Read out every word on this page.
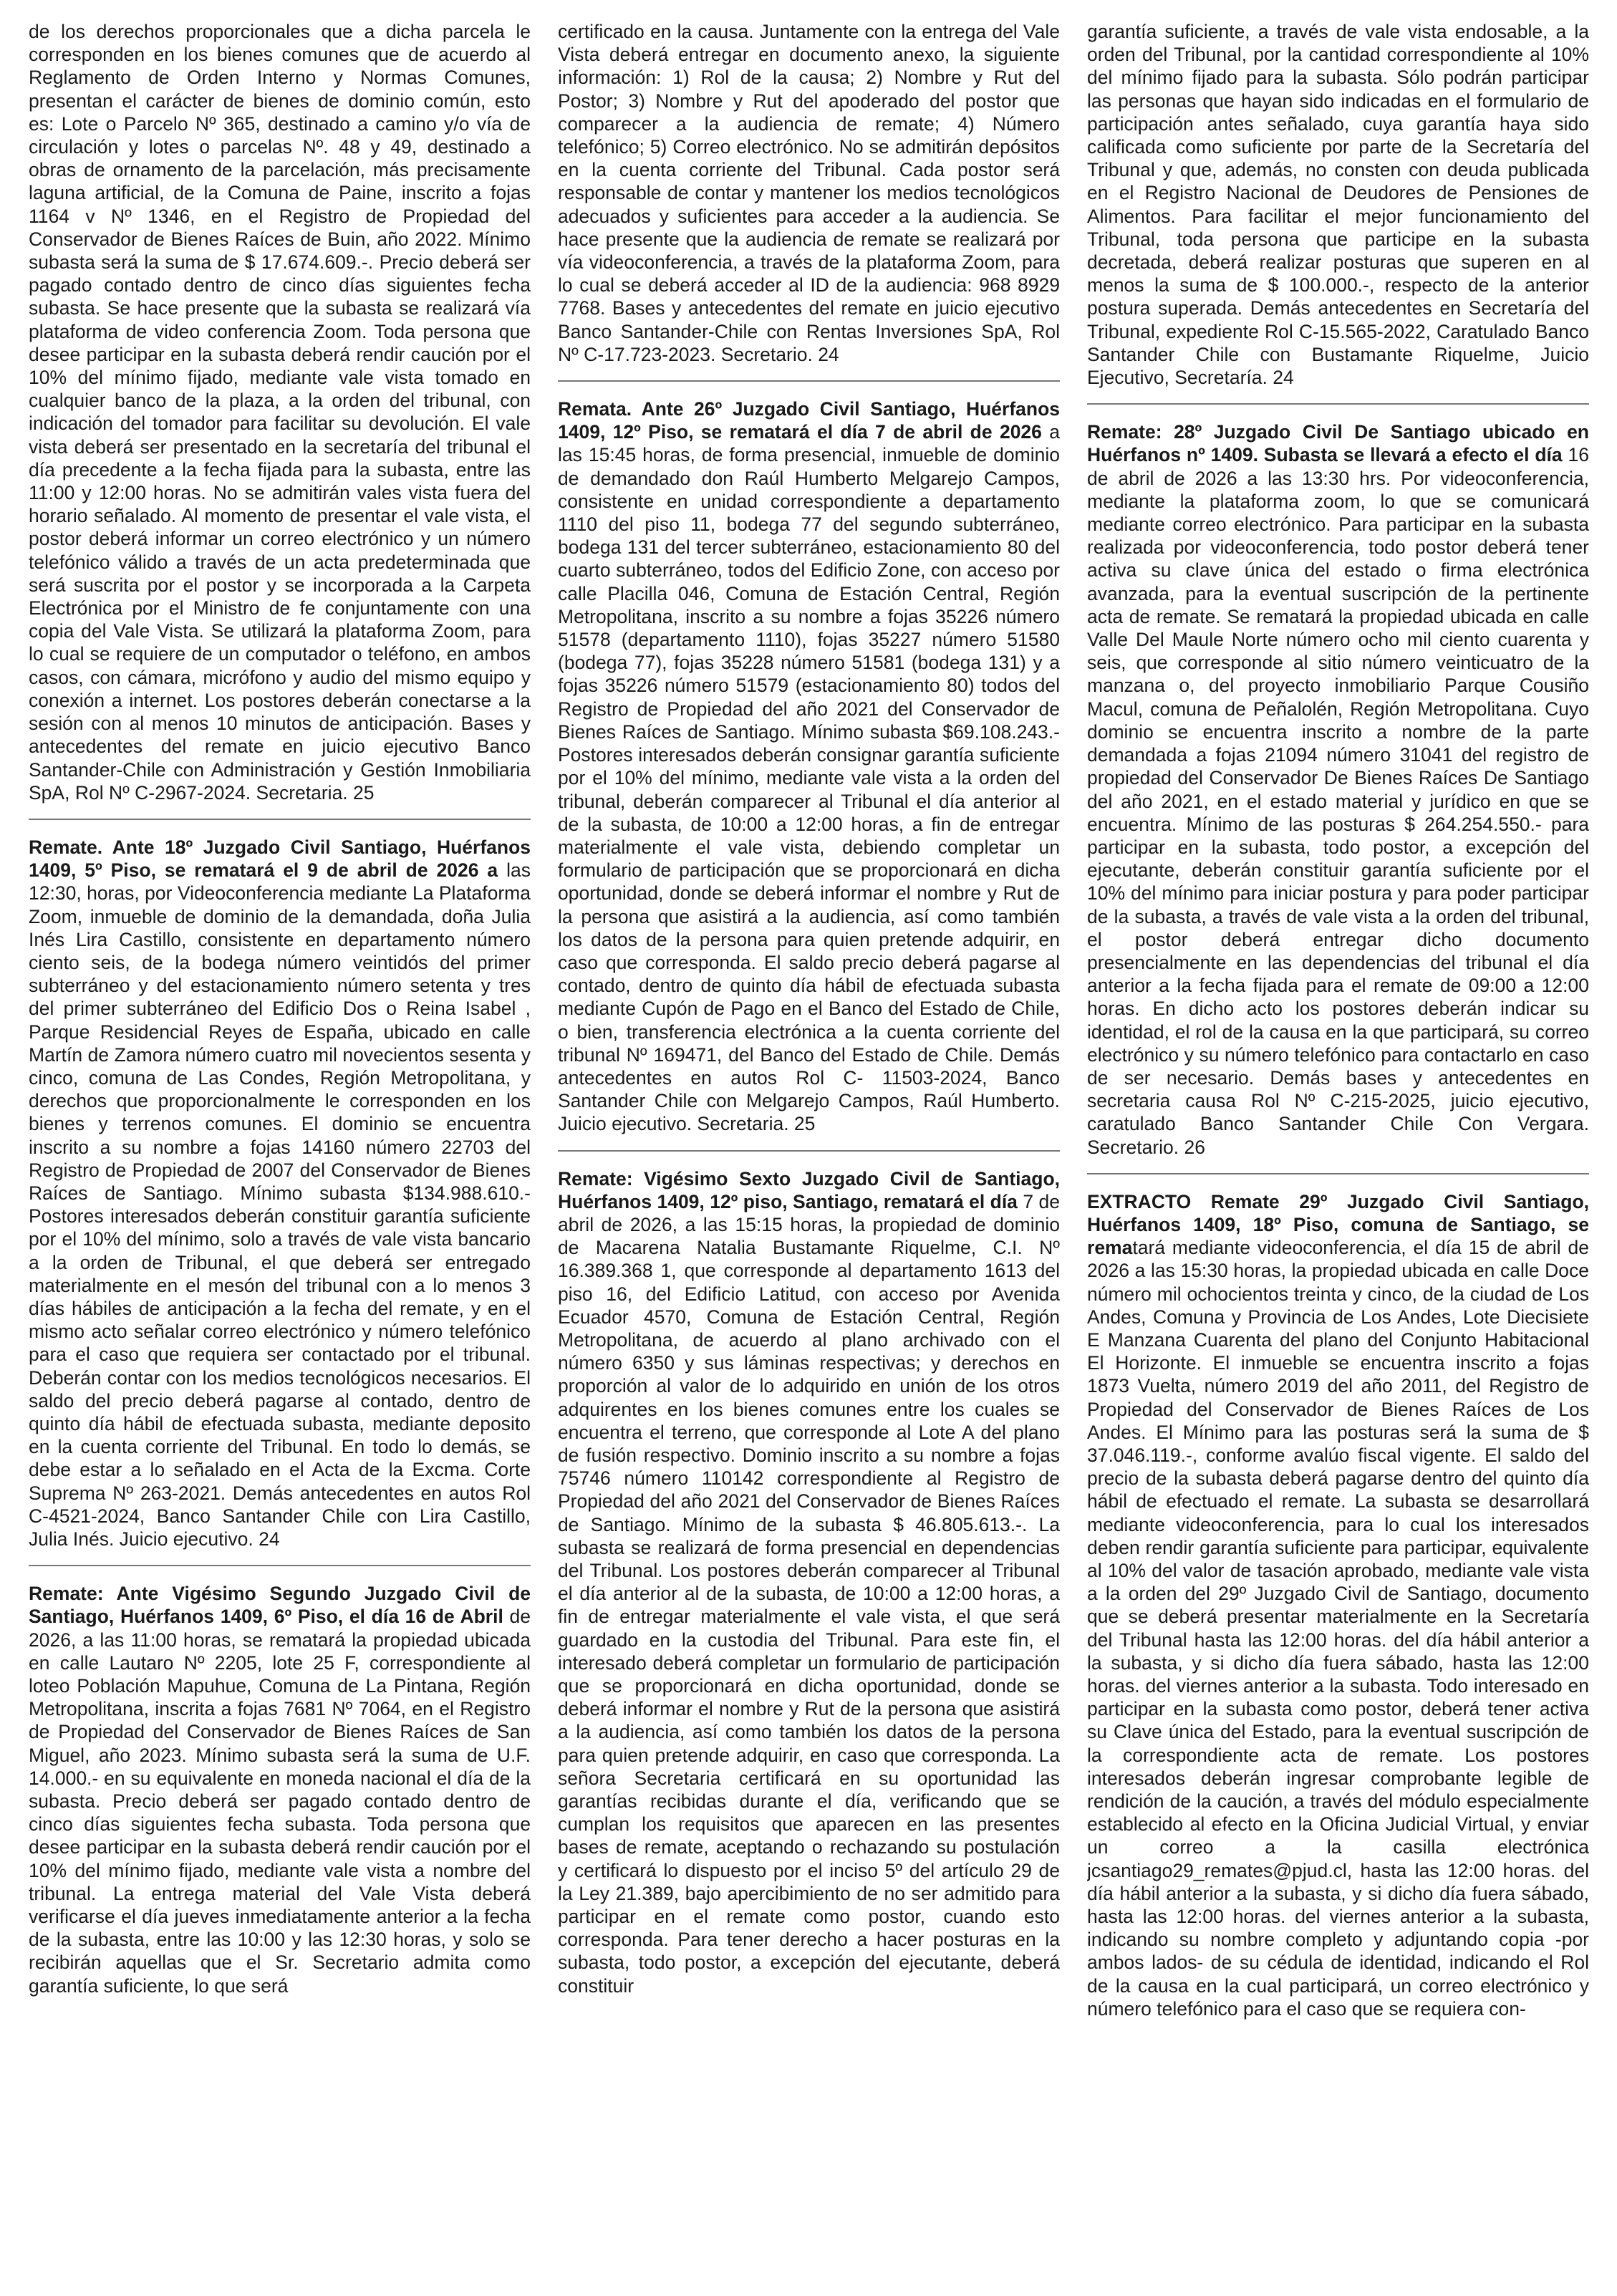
de los derechos proporcionales que a dicha parcela le corresponden en los bienes comunes que de acuerdo al Reglamento de Orden Interno y Normas Comunes, presentan el carácter de bienes de dominio común, esto es: Lote o Parcelo Nº 365, destinado a camino y/o vía de circulación y lotes o parcelas Nº. 48 y 49, destinado a obras de ornamento de la parcelación, más precisamente laguna artificial, de la Comuna de Paine, inscrito a fojas 1164 v Nº 1346, en el Registro de Propiedad del Conservador de Bienes Raíces de Buin, año 2022. Mínimo subasta será la suma de $ 17.674.609.-. Precio deberá ser pagado contado dentro de cinco días siguientes fecha subasta. Se hace presente que la subasta se realizará vía plataforma de video conferencia Zoom. Toda persona que desee participar en la subasta deberá rendir caución por el 10% del mínimo fijado, mediante vale vista tomado en cualquier banco de la plaza, a la orden del tribunal, con indicación del tomador para facilitar su devolución. El vale vista deberá ser presentado en la secretaría del tribunal el día precedente a la fecha fijada para la subasta, entre las 11:00 y 12:00 horas. No se admitirán vales vista fuera del horario señalado. Al momento de presentar el vale vista, el postor deberá informar un correo electrónico y un número telefónico válido a través de un acta predeterminada que será suscrita por el postor y se incorporada a la Carpeta Electrónica por el Ministro de fe conjuntamente con una copia del Vale Vista. Se utilizará la plataforma Zoom, para lo cual se requiere de un computador o teléfono, en ambos casos, con cámara, micrófono y audio del mismo equipo y conexión a internet. Los postores deberán conectarse a la sesión con al menos 10 minutos de anticipación. Bases y antecedentes del remate en juicio ejecutivo Banco Santander-Chile con Administración y Gestión Inmobiliaria SpA, Rol Nº C-2967-2024. Secretaria. 25

Remate. Ante 18º Juzgado Civil Santiago, Huérfanos 1409, 5º Piso, se rematará el 9 de abril de 2026 a las 12:30, horas, por Videoconferencia mediante La Plataforma Zoom, inmueble de dominio de la demandada, doña Julia Inés Lira Castillo, consistente en departamento número ciento seis, de la bodega número veintidós del primer subterráneo y del estacionamiento número setenta y tres del primer subterráneo del Edificio Dos o Reina Isabel , Parque Residencial Reyes de España, ubicado en calle Martín de Zamora número cuatro mil novecientos sesenta y cinco, comuna de Las Condes, Región Metropolitana, y derechos que proporcionalmente le corresponden en los bienes y terrenos comunes. El dominio se encuentra inscrito a su nombre a fojas 14160 número 22703 del Registro de Propiedad de 2007 del Conservador de Bienes Raíces de Santiago. Mínimo subasta $134.988.610.- Postores interesados deberán constituir garantía suficiente por el 10% del mínimo, solo a través de vale vista bancario a la orden de Tribunal, el que deberá ser entregado materialmente en el mesón del tribunal con a lo menos 3 días hábiles de anticipación a la fecha del remate, y en el mismo acto señalar correo electrónico y número telefónico para el caso que requiera ser contactado por el tribunal. Deberán contar con los medios tecnológicos necesarios. El saldo del precio deberá pagarse al contado, dentro de quinto día hábil de efectuada subasta, mediante deposito en la cuenta corriente del Tribunal. En todo lo demás, se debe estar a lo señalado en el Acta de la Excma. Corte Suprema Nº 263-2021. Demás antecedentes en autos Rol C-4521-2024, Banco Santander Chile con Lira Castillo, Julia Inés. Juicio ejecutivo. 24

Remate: Ante Vigésimo Segundo Juzgado Civil de Santiago, Huérfanos 1409, 6º Piso, el día 16 de Abril de 2026, a las 11:00 horas, se rematará la propiedad ubicada en calle Lautaro Nº 2205, lote 25 F, correspondiente al loteo Población Mapuhue, Comuna de La Pintana, Región Metropolitana, inscrita a fojas 7681 Nº 7064, en el Registro de Propiedad del Conservador de Bienes Raíces de San Miguel, año 2023. Mínimo subasta será la suma de U.F. 14.000.- en su equivalente en moneda nacional el día de la subasta. Precio deberá ser pagado contado dentro de cinco días siguientes fecha subasta. Toda persona que desee participar en la subasta deberá rendir caución por el 10% del mínimo fijado, mediante vale vista a nombre del tribunal. La entrega material del Vale Vista deberá verificarse el día jueves inmediatamente anterior a la fecha de la subasta, entre las 10:00 y las 12:30 horas, y solo se recibirán aquellas que el Sr. Secretario admita como garantía suficiente, lo que será

certificado en la causa. Juntamente con la entrega del Vale Vista deberá entregar en documento anexo, la siguiente información: 1) Rol de la causa; 2) Nombre y Rut del Postor; 3) Nombre y Rut del apoderado del postor que comparecer a la audiencia de remate; 4) Número telefónico; 5) Correo electrónico. No se admitirán depósitos en la cuenta corriente del Tribunal. Cada postor será responsable de contar y mantener los medios tecnológicos adecuados y suficientes para acceder a la audiencia. Se hace presente que la audiencia de remate se realizará por vía videoconferencia, a través de la plataforma Zoom, para lo cual se deberá acceder al ID de la audiencia: 968 8929 7768. Bases y antecedentes del remate en juicio ejecutivo Banco Santander-Chile con Rentas Inversiones SpA, Rol Nº C-17.723-2023. Secretario. 24

Remata. Ante 26º Juzgado Civil Santiago, Huérfanos 1409, 12º Piso, se rematará el día 7 de abril de 2026 a las 15:45 horas, de forma presencial, inmueble de dominio de demandado don Raúl Humberto Melgarejo Campos, consistente en unidad correspondiente a departamento 1110 del piso 11, bodega 77 del segundo subterráneo, bodega 131 del tercer subterráneo, estacionamiento 80 del cuarto subterráneo, todos del Edificio Zone, con acceso por calle Placilla 046, Comuna de Estación Central, Región Metropolitana, inscrito a su nombre a fojas 35226 número 51578 (departamento 1110), fojas 35227 número 51580 (bodega 77), fojas 35228 número 51581 (bodega 131) y a fojas 35226 número 51579 (estacionamiento 80) todos del Registro de Propiedad del año 2021 del Conservador de Bienes Raíces de Santiago. Mínimo subasta $69.108.243.- Postores interesados deberán consignar garantía suficiente por el 10% del mínimo, mediante vale vista a la orden del tribunal, deberán comparecer al Tribunal el día anterior al de la subasta, de 10:00 a 12:00 horas, a fin de entregar materialmente el vale vista, debiendo completar un formulario de participación que se proporcionará en dicha oportunidad, donde se deberá informar el nombre y Rut de la persona que asistirá a la audiencia, así como también los datos de la persona para quien pretende adquirir, en caso que corresponda. El saldo precio deberá pagarse al contado, dentro de quinto día hábil de efectuada subasta mediante Cupón de Pago en el Banco del Estado de Chile, o bien, transferencia electrónica a la cuenta corriente del tribunal Nº 169471, del Banco del Estado de Chile. Demás antecedentes en autos Rol C- 11503-2024, Banco Santander Chile con Melgarejo Campos, Raúl Humberto. Juicio ejecutivo. Secretaria. 25

Remate: Vigésimo Sexto Juzgado Civil de Santiago, Huérfanos 1409, 12º piso, Santiago, rematará el día 7 de abril de 2026, a las 15:15 horas, la propiedad de dominio de Macarena Natalia Bustamante Riquelme, C.I. Nº 16.389.368 1, que corresponde al departamento 1613 del piso 16, del Edificio Latitud, con acceso por Avenida Ecuador 4570, Comuna de Estación Central, Región Metropolitana, de acuerdo al plano archivado con el número 6350 y sus láminas respectivas; y derechos en proporción al valor de lo adquirido en unión de los otros adquirentes en los bienes comunes entre los cuales se encuentra el terreno, que corresponde al Lote A del plano de fusión respectivo. Dominio inscrito a su nombre a fojas 75746 número 110142 correspondiente al Registro de Propiedad del año 2021 del Conservador de Bienes Raíces de Santiago. Mínimo de la subasta $ 46.805.613.-. La subasta se realizará de forma presencial en dependencias del Tribunal. Los postores deberán comparecer al Tribunal el día anterior al de la subasta, de 10:00 a 12:00 horas, a fin de entregar materialmente el vale vista, el que será guardado en la custodia del Tribunal. Para este fin, el interesado deberá completar un formulario de participación que se proporcionará en dicha oportunidad, donde se deberá informar el nombre y Rut de la persona que asistirá a la audiencia, así como también los datos de la persona para quien pretende adquirir, en caso que corresponda. La señora Secretaria certificará en su oportunidad las garantías recibidas durante el día, verificando que se cumplan los requisitos que aparecen en las presentes bases de remate, aceptando o rechazando su postulación y certificará lo dispuesto por el inciso 5º del artículo 29 de la Ley 21.389, bajo apercibimiento de no ser admitido para participar en el remate como postor, cuando esto corresponda. Para tener derecho a hacer posturas en la subasta, todo postor, a excepción del ejecutante, deberá constituir

garantía suficiente, a través de vale vista endosable, a la orden del Tribunal, por la cantidad correspondiente al 10% del mínimo fijado para la subasta. Sólo podrán participar las personas que hayan sido indicadas en el formulario de participación antes señalado, cuya garantía haya sido calificada como suficiente por parte de la Secretaría del Tribunal y que, además, no consten con deuda publicada en el Registro Nacional de Deudores de Pensiones de Alimentos. Para facilitar el mejor funcionamiento del Tribunal, toda persona que participe en la subasta decretada, deberá realizar posturas que superen en al menos la suma de $ 100.000.-, respecto de la anterior postura superada. Demás antecedentes en Secretaría del Tribunal, expediente Rol C-15.565-2022, Caratulado Banco Santander Chile con Bustamante Riquelme, Juicio Ejecutivo, Secretaría. 24

Remate: 28º Juzgado Civil De Santiago ubicado en Huérfanos nº 1409. Subasta se llevará a efecto el día 16 de abril de 2026 a las 13:30 hrs. Por videoconferencia, mediante la plataforma zoom, lo que se comunicará mediante correo electrónico. Para participar en la subasta realizada por videoconferencia, todo postor deberá tener activa su clave única del estado o firma electrónica avanzada, para la eventual suscripción de la pertinente acta de remate. Se rematará la propiedad ubicada en calle Valle Del Maule Norte número ocho mil ciento cuarenta y seis, que corresponde al sitio número veinticuatro de la manzana o, del proyecto inmobiliario Parque Cousiño Macul, comuna de Peñalolén, Región Metropolitana. Cuyo dominio se encuentra inscrito a nombre de la parte demandada a fojas 21094 número 31041 del registro de propiedad del Conservador De Bienes Raíces De Santiago del año 2021, en el estado material y jurídico en que se encuentra. Mínimo de las posturas $ 264.254.550.- para participar en la subasta, todo postor, a excepción del ejecutante, deberán constituir garantía suficiente por el 10% del mínimo para iniciar postura y para poder participar de la subasta, a través de vale vista a la orden del tribunal, el postor deberá entregar dicho documento presencialmente en las dependencias del tribunal el día anterior a la fecha fijada para el remate de 09:00 a 12:00 horas. En dicho acto los postores deberán indicar su identidad, el rol de la causa en la que participará, su correo electrónico y su número telefónico para contactarlo en caso de ser necesario. Demás bases y antecedentes en secretaria causa Rol Nº C-215-2025, juicio ejecutivo, caratulado Banco Santander Chile Con Vergara. Secretario. 26

EXTRACTO Remate 29º Juzgado Civil Santiago, Huérfanos 1409, 18º Piso, comuna de Santiago, se rematará mediante videoconferencia, el día 15 de abril de 2026 a las 15:30 horas, la propiedad ubicada en calle Doce número mil ochocientos treinta y cinco, de la ciudad de Los Andes, Comuna y Provincia de Los Andes, Lote Diecisiete E Manzana Cuarenta del plano del Conjunto Habitacional El Horizonte. El inmueble se encuentra inscrito a fojas 1873 Vuelta, número 2019 del año 2011, del Registro de Propiedad del Conservador de Bienes Raíces de Los Andes. El Mínimo para las posturas será la suma de $ 37.046.119.-, conforme avalúo fiscal vigente. El saldo del precio de la subasta deberá pagarse dentro del quinto día hábil de efectuado el remate. La subasta se desarrollará mediante videoconferencia, para lo cual los interesados deben rendir garantía suficiente para participar, equivalente al 10% del valor de tasación aprobado, mediante vale vista a la orden del 29º Juzgado Civil de Santiago, documento que se deberá presentar materialmente en la Secretaría del Tribunal hasta las 12:00 horas. del día hábil anterior a la subasta, y si dicho día fuera sábado, hasta las 12:00 horas. del viernes anterior a la subasta. Todo interesado en participar en la subasta como postor, deberá tener activa su Clave única del Estado, para la eventual suscripción de la correspondiente acta de remate. Los postores interesados deberán ingresar comprobante legible de rendición de la caución, a través del módulo especialmente establecido al efecto en la Oficina Judicial Virtual, y enviar un correo a la casilla electrónica jcsantiago29_remates@pjud.cl, hasta las 12:00 horas. del día hábil anterior a la subasta, y si dicho día fuera sábado, hasta las 12:00 horas. del viernes anterior a la subasta, indicando su nombre completo y adjuntando copia -por ambos lados- de su cédula de identidad, indicando el Rol de la causa en la cual participará, un correo electrónico y número telefónico para el caso que se requiera con-
